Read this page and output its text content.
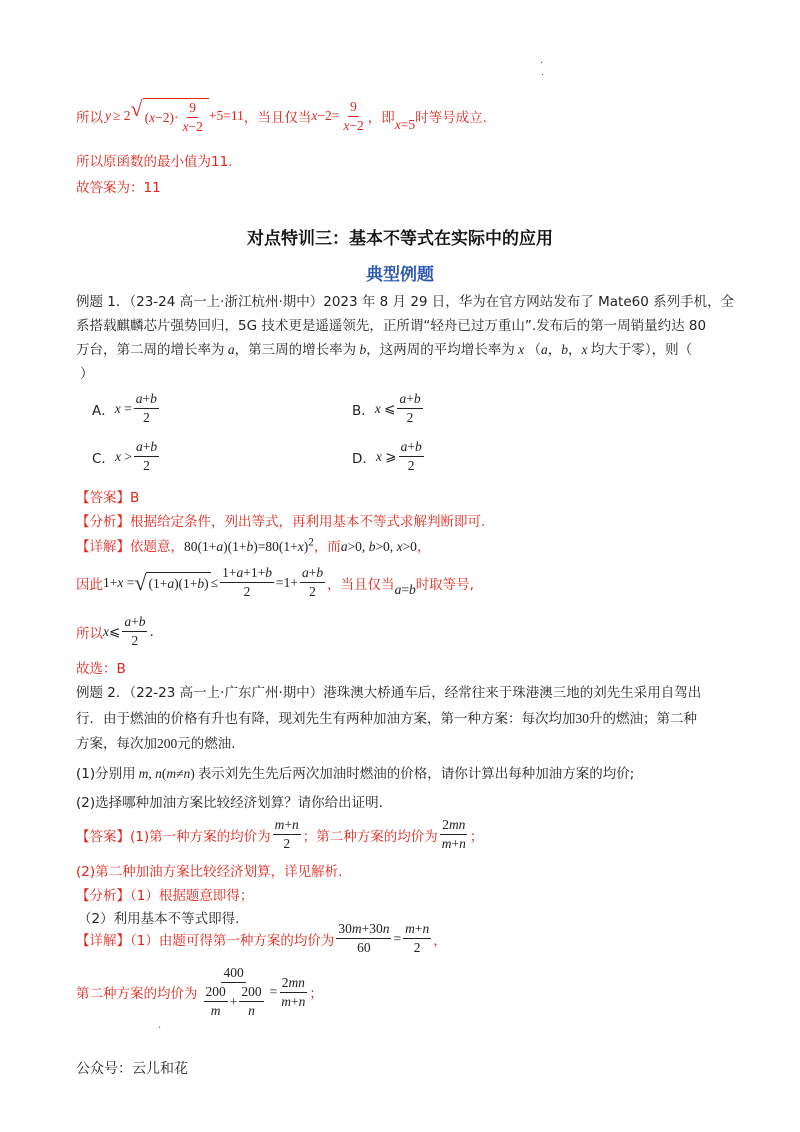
.
.
所以 y ≥ 2 √ ( $x -2)\cdot \frac{9}{x-2} +5=11$ ，当且仅当 $x-2= \frac{9}{x-2}$ ，即 x=5 时等号成立.
所以原函数的最小值为11.
故答案为：11
对点特训三：基本不等式在实际中的应用
典型例题
例题 1．（23-24 高一上·浙江杭州·期中）2023 年 8 月 29 日，华为在官方网站发布了 Mate60 系列手机，全
系搭载麒麟芯片强势回归，5G 技术更是遥遥领先，正所谓“轻舟已过万重山”.发布后的第一周销量约达 80
万台，第二周的增长率为 a，第三周的增长率为 b，这两周的平均增长率为 x （a，b，x 均大于零），则（
）
A． $x = \frac{a+b}{2}$	B． x ⩽ $\frac{a+b}{2}$
C． $x > \frac{a+b}{2}$	D． x ⩾ $\frac{a+b}{2}$
【答案】B
【分析】根据给定条件，列出等式，再利用基本不等式求解判断即可.
【详解】依题意，$80(1+a)(1+b)=80(1+x)^2$，而a>0, b>0, x>0，
因此 1+x = √ (1+ a )(1+ b ) ≤ $\frac{1+a+1+b}{2} =1+ \frac{a+b}{2}$ ，当且仅当 a=b 时取等号,
所以 x⩽ $\frac{a+b}{2}$ .
故选：B
例题 2．（22-23 高一上·广东广州·期中）港珠澳大桥通车后，经常往来于珠港澳三地的刘先生采用自驾出
行．由于燃油的价格有升也有降，现刘先生有两种加油方案，第一种方案：每次均加30升的燃油；第二种
方案，每次加200元的燃油．
(1)分别用 m, n(m≠n) 表示刘先生先后两次加油时燃油的价格，请你计算出每种加油方案的均价;
(2)选择哪种加油方案比较经济划算？请你给出证明．
【答案】(1)第一种方案的均价为 $\frac{m+n}{2}$ ；第二种方案的均价为 $\frac{2mn}{m+n}$ ；
(2)第二种加油方案比较经济划算，详见解析.
【分析】（1）根据题意即得；
（2）利用基本不等式即得.
【详解】（1）由题可得第一种方案的均价为 $\frac{30m+30n}{60} = \frac{m+n}{2}$ ，
第二种方案的均价为 $\frac{400}{\frac{200}{m} + \frac{200}{n}} = \frac{2mn}{m+n}$ ；
.
公众号：云儿和花
